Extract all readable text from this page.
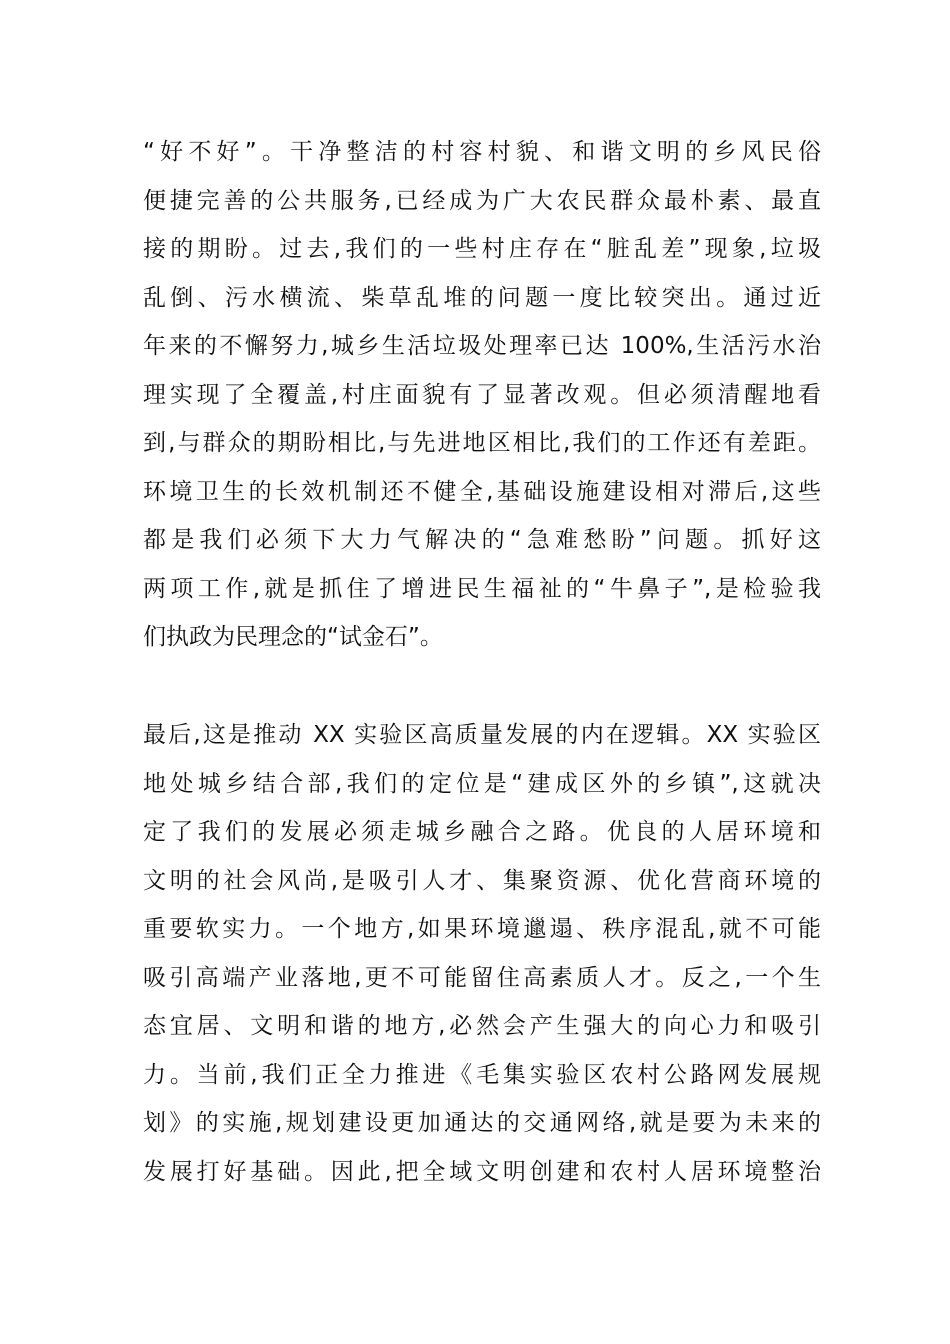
“好不好”。干净整洁的村容村貌、和谐文明的乡风民俗
便捷完善的公共服务,已经成为广大农民群众最朴素、最直
接的期盼。过去,我们的一些村庄存在“脏乱差”现象,垃圾
乱倒、污水横流、柴草乱堆的问题一度比较突出。通过近
年来的不懈努力,城乡生活垃圾处理率已达 100%,生活污水治
理实现了全覆盖,村庄面貌有了显著改观。但必须清醒地看
到,与群众的期盼相比,与先进地区相比,我们的工作还有差距。
环境卫生的长效机制还不健全,基础设施建设相对滞后,这些
都是我们必须下大力气解决的“急难愁盼”问题。抓好这
两项工作,就是抓住了增进民生福祉的“牛鼻子”,是检验我
们执政为民理念的“试金石”。
最后,这是推动 XX 实验区高质量发展的内在逻辑。XX 实验区
地处城乡结合部,我们的定位是“建成区外的乡镇”,这就决
定了我们的发展必须走城乡融合之路。优良的人居环境和
文明的社会风尚,是吸引人才、集聚资源、优化营商环境的
重要软实力。一个地方,如果环境邋遢、秩序混乱,就不可能
吸引高端产业落地,更不可能留住高素质人才。反之,一个生
态宜居、文明和谐的地方,必然会产生强大的向心力和吸引
力。当前,我们正全力推进《毛集实验区农村公路网发展规
划》的实施,规划建设更加通达的交通网络,就是要为未来的
发展打好基础。因此,把全域文明创建和农村人居环境整治
